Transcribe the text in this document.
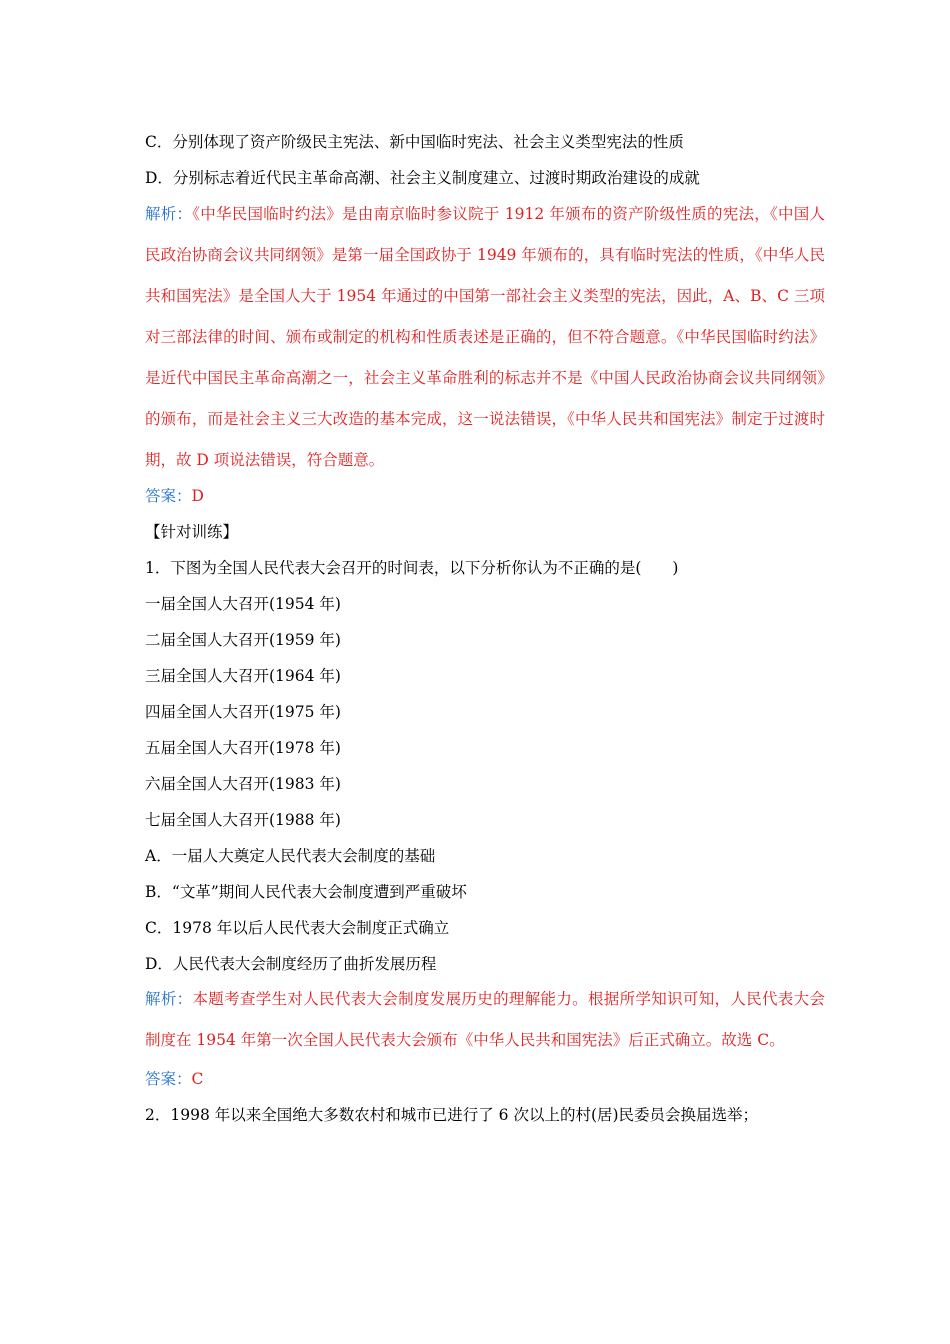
C．分别体现了资产阶级民主宪法、新中国临时宪法、社会主义类型宪法的性质
D．分别标志着近代民主革命高潮、社会主义制度建立、过渡时期政治建设的成就
解析：《中华民国临时约法》是由南京临时参议院于 1912 年颁布的资产阶级性质的宪法，《中国人民政治协商会议共同纲领》是第一届全国政协于 1949 年颁布的，具有临时宪法的性质，《中华人民共和国宪法》是全国人大于 1954 年通过的中国第一部社会主义类型的宪法，因此，A、B、C 三项对三部法律的时间、颁布或制定的机构和性质表述是正确的，但不符合题意。《中华民国临时约法》是近代中国民主革命高潮之一，社会主义革命胜利的标志并不是《中国人民政治协商会议共同纲领》的颁布，而是社会主义三大改造的基本完成，这一说法错误，《中华人民共和国宪法》制定于过渡时期，故 D 项说法错误，符合题意。
答案：D
【针对训练】
1．下图为全国人民代表大会召开的时间表，以下分析你认为不正确的是(　　)
一届全国人大召开(1954 年)
二届全国人大召开(1959 年)
三届全国人大召开(1964 年)
四届全国人大召开(1975 年)
五届全国人大召开(1978 年)
六届全国人大召开(1983 年)
七届全国人大召开(1988 年)
A．一届人大奠定人民代表大会制度的基础
B．“文革”期间人民代表大会制度遭到严重破坏
C．1978 年以后人民代表大会制度正式确立
D．人民代表大会制度经历了曲折发展历程
解析：本题考查学生对人民代表大会制度发展历史的理解能力。根据所学知识可知，人民代表大会制度在 1954 年第一次全国人民代表大会颁布《中华人民共和国宪法》后正式确立。故选 C。
答案：C
2．1998 年以来全国绝大多数农村和城市已进行了 6 次以上的村(居)民委员会换届选举；
